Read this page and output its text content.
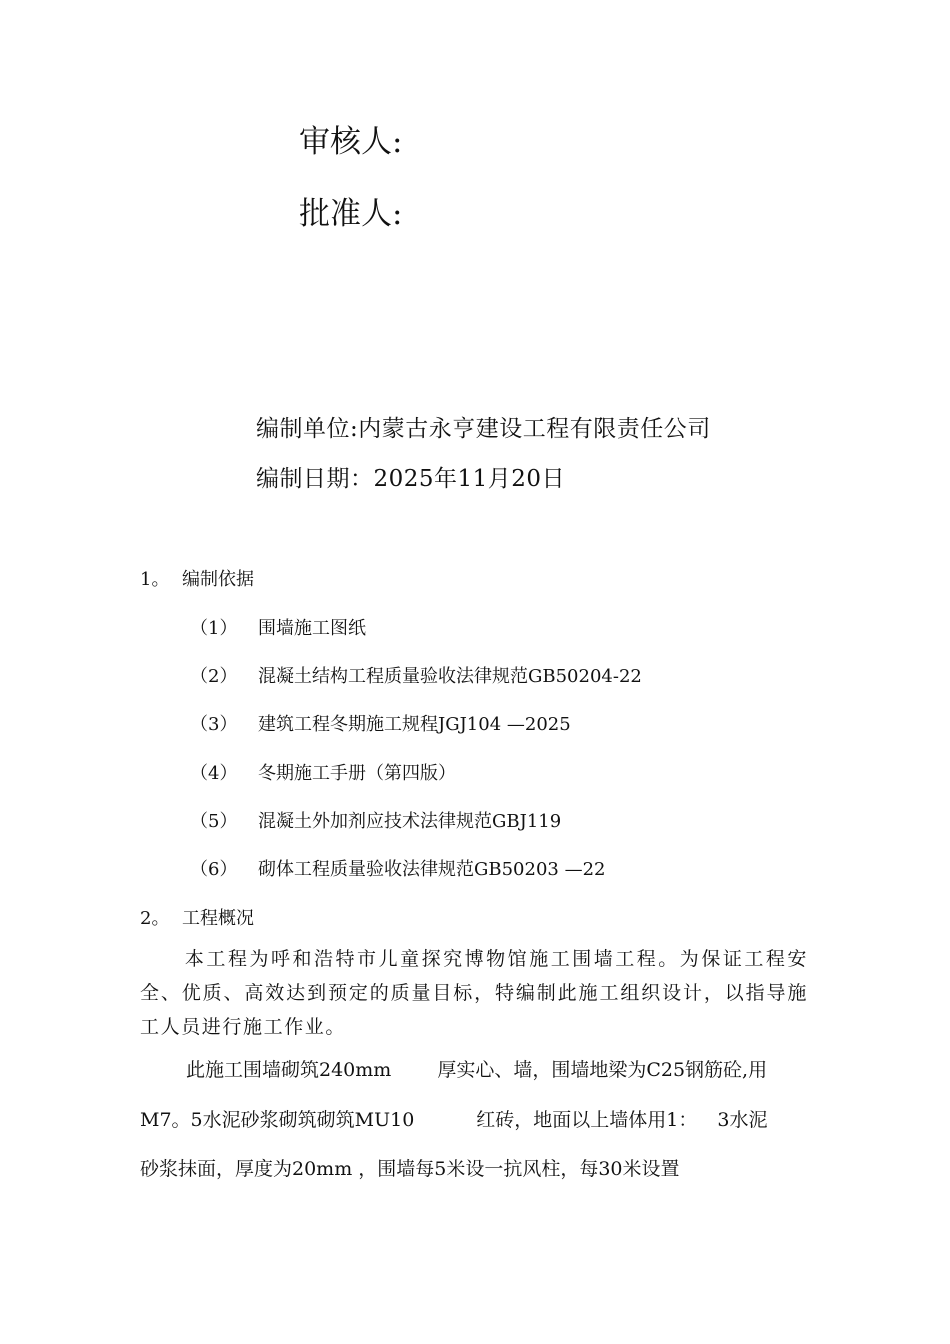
审核人:
批准人:
编制单位:内蒙古永亨建设工程有限责任公司
编制日期：2025年11月20日
1。 编制依据
（1） 围墙施工图纸
（2） 混凝土结构工程质量验收法律规范GB50204-22
（3） 建筑工程冬期施工规程JGJ104 —2025
（4） 冬期施工手册（第四版）
（5） 混凝土外加剂应技术法律规范GBJ119
（6） 砌体工程质量验收法律规范GB50203 —22
2。 工程概况
本工程为呼和浩特市儿童探究博物馆施工围墙工程。为保证工程安全、优质、高效达到预定的质量目标，特编制此施工组织设计，以指导施工人员进行施工作业。
此施工围墙砌筑240mm 厚实心、墙，围墙地梁为C25钢筋砼,用
M7。5水泥砂浆砌筑砌筑MU10	红砖，地面以上墙体用1： 3水泥
砂浆抹面，厚度为20mm ，围墙每5米设一抗风柱，每30米设置
